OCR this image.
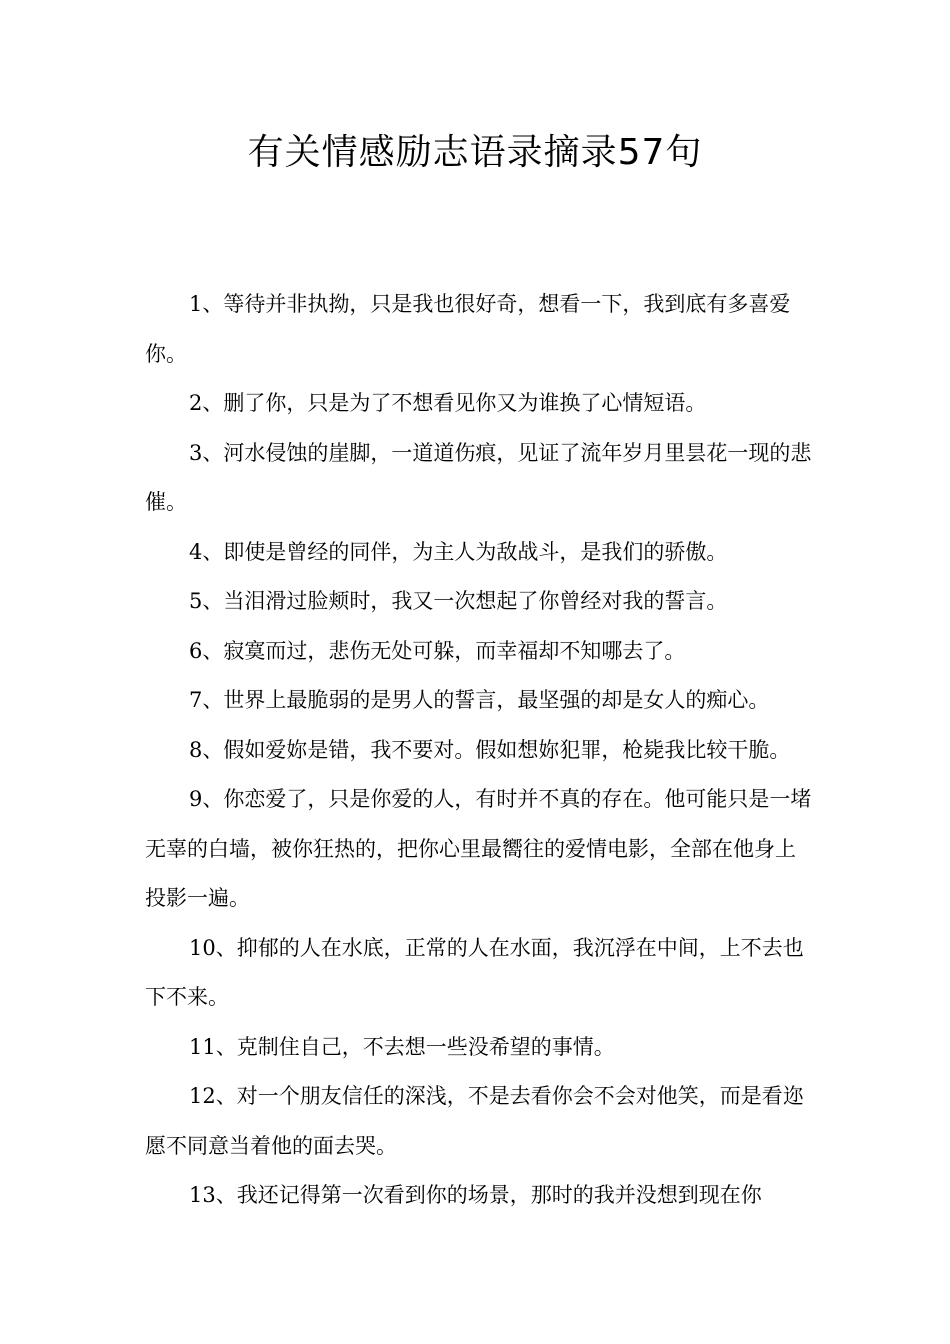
有关情感励志语录摘录57句

1、等待并非执拗，只是我也很好奇，想看一下，我到底有多喜爱你。

2、删了你，只是为了不想看见你又为谁换了心情短语。

3、河水侵蚀的崖脚，一道道伤痕，见证了流年岁月里昙花一现的悲催。

4、即使是曾经的同伴，为主人为敌战斗，是我们的骄傲。

5、当泪滑过脸颊时，我又一次想起了你曾经对我的誓言。

6、寂寞而过，悲伤无处可躲，而幸福却不知哪去了。

7、世界上最脆弱的是男人的誓言，最坚强的却是女人的痴心。

8、假如爱妳是错，我不要对。假如想妳犯罪，枪毙我比较干脆。

9、你恋爱了，只是你爱的人，有时并不真的存在。他可能只是一堵无辜的白墙，被你狂热的，把你心里最嚮往的爱情电影，全部在他身上投影一遍。

10、抑郁的人在水底，正常的人在水面，我沉浮在中间，上不去也下不来。

11、克制住自己，不去想一些没希望的事情。

12、对一个朋友信任的深浅，不是去看你会不会对他笑，而是看迩愿不同意当着他的面去哭。

13、我还记得第一次看到你的场景，那时的我并没想到现在你
